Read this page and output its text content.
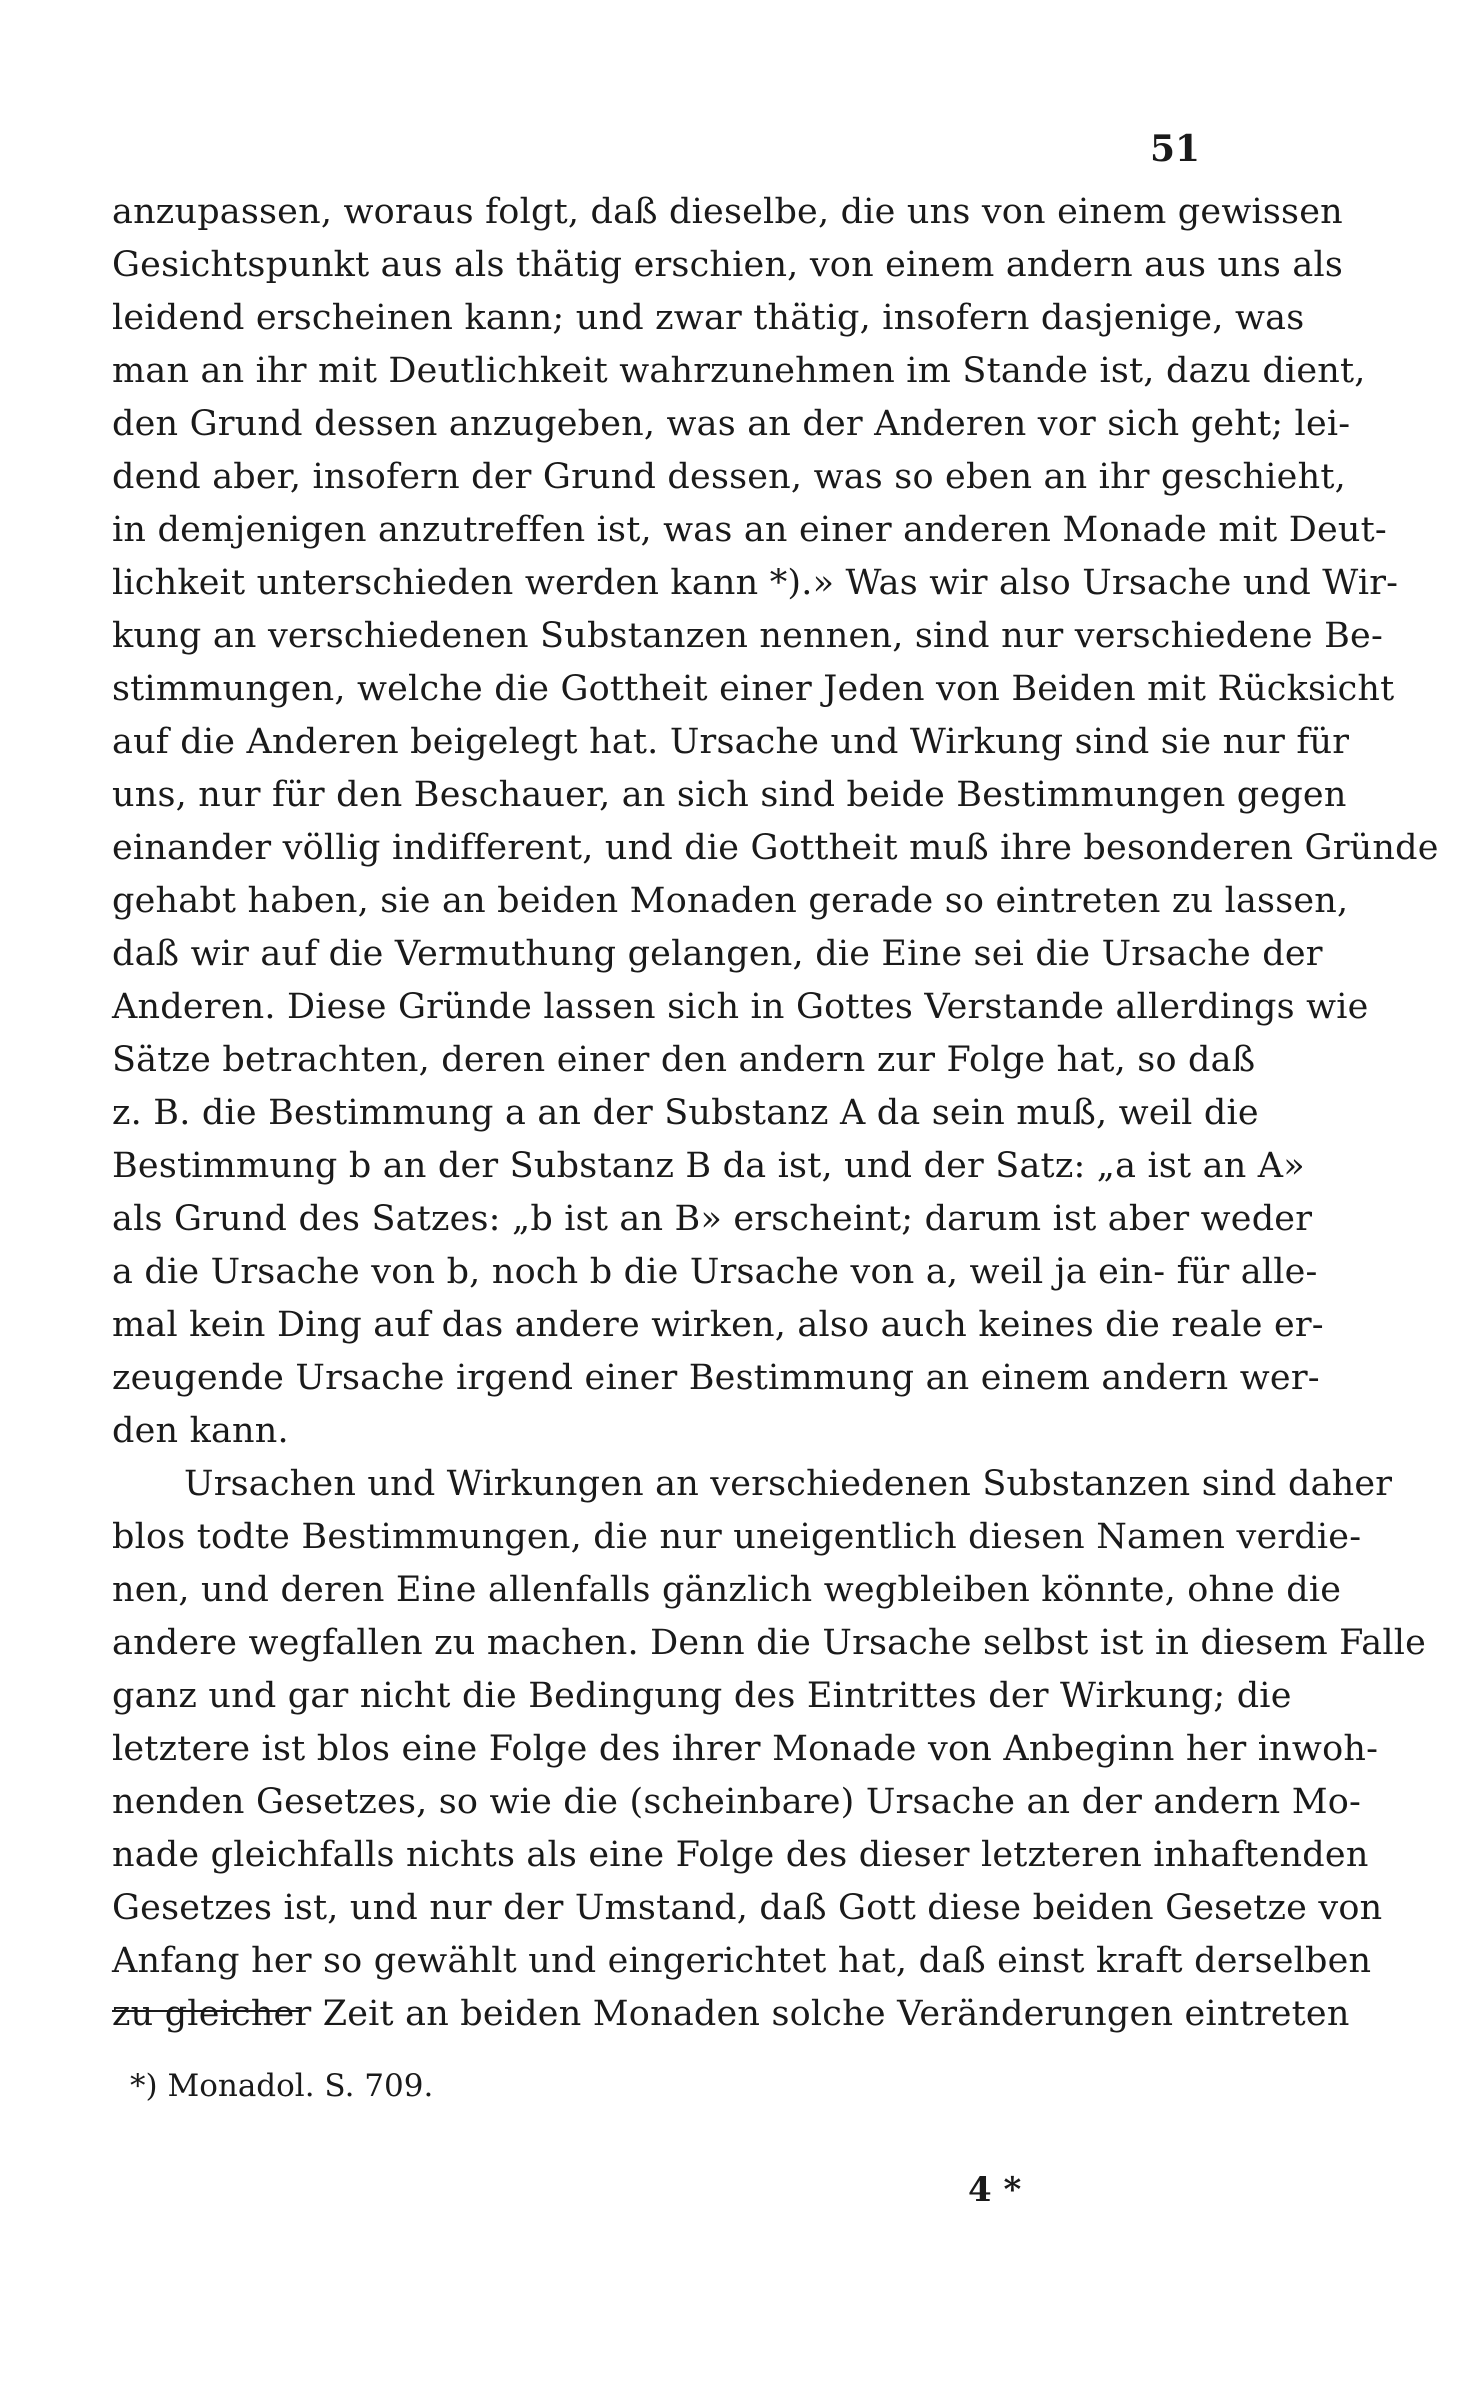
51
anzupassen, woraus folgt, daß dieselbe, die uns von einem gewissen
Gesichtspunkt aus als thätig erschien, von einem andern aus uns als
leidend erscheinen kann; und zwar thätig, insofern dasjenige, was
man an ihr mit Deutlichkeit wahrzunehmen im Stande ist, dazu dient,
den Grund dessen anzugeben, was an der Anderen vor sich geht; lei-
dend aber, insofern der Grund dessen, was so eben an ihr geschieht,
in demjenigen anzutreffen ist, was an einer anderen Monade mit Deut-
lichkeit unterschieden werden kann *).» Was wir also Ursache und Wir-
kung an verschiedenen Substanzen nennen, sind nur verschiedene Be-
stimmungen, welche die Gottheit einer Jeden von Beiden mit Rücksicht
auf die Anderen beigelegt hat. Ursache und Wirkung sind sie nur für
uns, nur für den Beschauer, an sich sind beide Bestimmungen gegen
einander völlig indifferent, und die Gottheit muß ihre besonderen Gründe
gehabt haben, sie an beiden Monaden gerade so eintreten zu lassen,
daß wir auf die Vermuthung gelangen, die Eine sei die Ursache der
Anderen. Diese Gründe lassen sich in Gottes Verstande allerdings wie
Sätze betrachten, deren einer den andern zur Folge hat, so daß
z. B. die Bestimmung a an der Substanz A da sein muß, weil die
Bestimmung b an der Substanz B da ist, und der Satz: „a ist an A»
als Grund des Satzes: „b ist an B» erscheint; darum ist aber weder
a die Ursache von b, noch b die Ursache von a, weil ja ein- für alle-
mal kein Ding auf das andere wirken, also auch keines die reale er-
zeugende Ursache irgend einer Bestimmung an einem andern wer-
den kann.
Ursachen und Wirkungen an verschiedenen Substanzen sind daher
blos todte Bestimmungen, die nur uneigentlich diesen Namen verdie-
nen, und deren Eine allenfalls gänzlich wegbleiben könnte, ohne die
andere wegfallen zu machen. Denn die Ursache selbst ist in diesem Falle
ganz und gar nicht die Bedingung des Eintrittes der Wirkung; die
letztere ist blos eine Folge des ihrer Monade von Anbeginn her inwoh-
nenden Gesetzes, so wie die (scheinbare) Ursache an der andern Mo-
nade gleichfalls nichts als eine Folge des dieser letzteren inhaftenden
Gesetzes ist, und nur der Umstand, daß Gott diese beiden Gesetze von
Anfang her so gewählt und eingerichtet hat, daß einst kraft derselben
zu gleicher Zeit an beiden Monaden solche Veränderungen eintreten
*) Monadol. S. 709.
4 *
